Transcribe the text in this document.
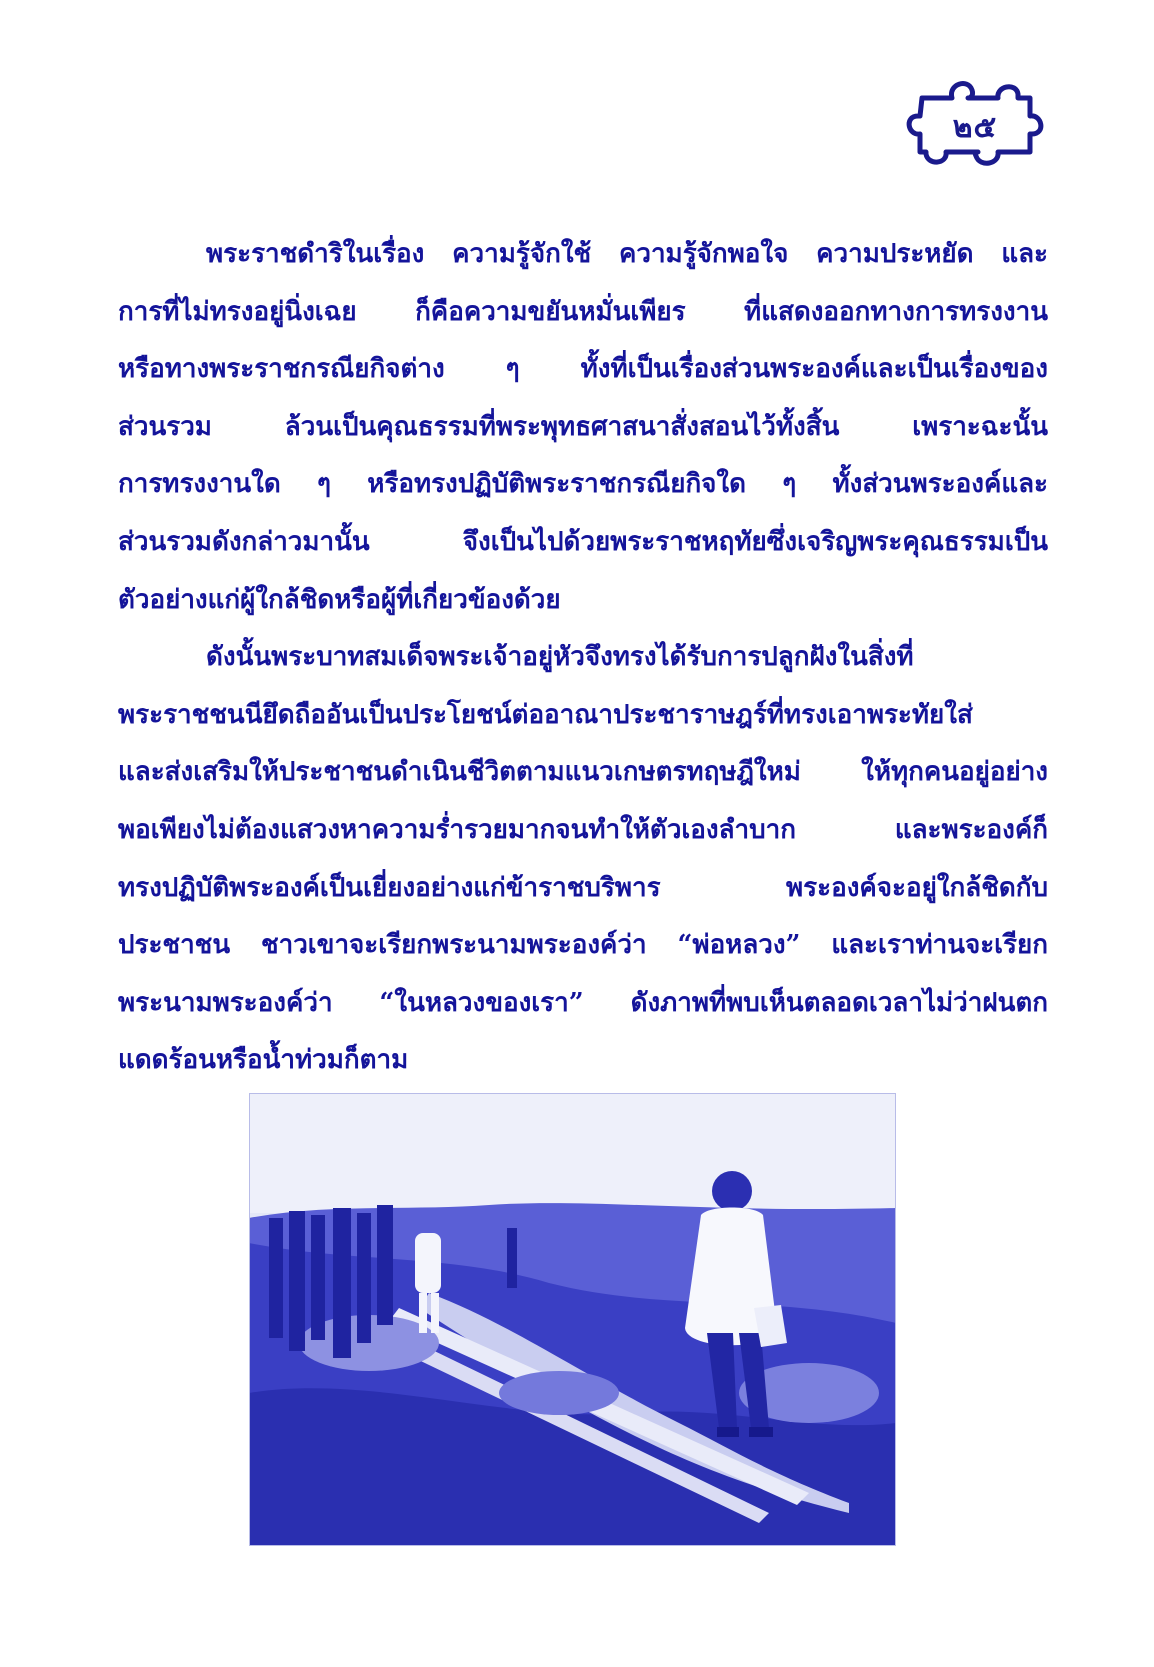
๒๕
พระราชดำริในเรื่อง ความรู้จักใช้ ความรู้จักพอใจ ความประหยัด และ
การที่ไม่ทรงอยู่นิ่งเฉย ก็คือความขยันหมั่นเพียร ที่แสดงออกทางการทรงงาน
หรือทางพระราชกรณียกิจต่าง ๆ ทั้งที่เป็นเรื่องส่วนพระองค์และเป็นเรื่องของ
ส่วนรวม ล้วนเป็นคุณธรรมที่พระพุทธศาสนาสั่งสอนไว้ทั้งสิ้น เพราะฉะนั้น
การทรงงานใด ๆ หรือทรงปฏิบัติพระราชกรณียกิจใด ๆ ทั้งส่วนพระองค์และ
ส่วนรวมดังกล่าวมานั้น จึงเป็นไปด้วยพระราชหฤทัยซึ่งเจริญพระคุณธรรมเป็น
ตัวอย่างแก่ผู้ใกล้ชิดหรือผู้ที่เกี่ยวข้องด้วย
ดังนั้นพระบาทสมเด็จพระเจ้าอยู่หัวจึงทรงได้รับการปลูกฝังในสิ่งที่
พระราชชนนียึดถืออันเป็นประโยชน์ต่ออาณาประชาราษฎร์ที่ทรงเอาพระทัยใส่
และส่งเสริมให้ประชาชนดำเนินชีวิตตามแนวเกษตรทฤษฎีใหม่ ให้ทุกคนอยู่อย่าง
พอเพียงไม่ต้องแสวงหาความร่ำรวยมากจนทำให้ตัวเองลำบาก และพระองค์ก็
ทรงปฏิบัติพระองค์เป็นเยี่ยงอย่างแก่ข้าราชบริพาร พระองค์จะอยู่ใกล้ชิดกับ
ประชาชน ชาวเขาจะเรียกพระนามพระองค์ว่า “พ่อหลวง” และเราท่านจะเรียก
พระนามพระองค์ว่า “ในหลวงของเรา” ดังภาพที่พบเห็นตลอดเวลาไม่ว่าฝนตก
แดดร้อนหรือน้ำท่วมก็ตาม
